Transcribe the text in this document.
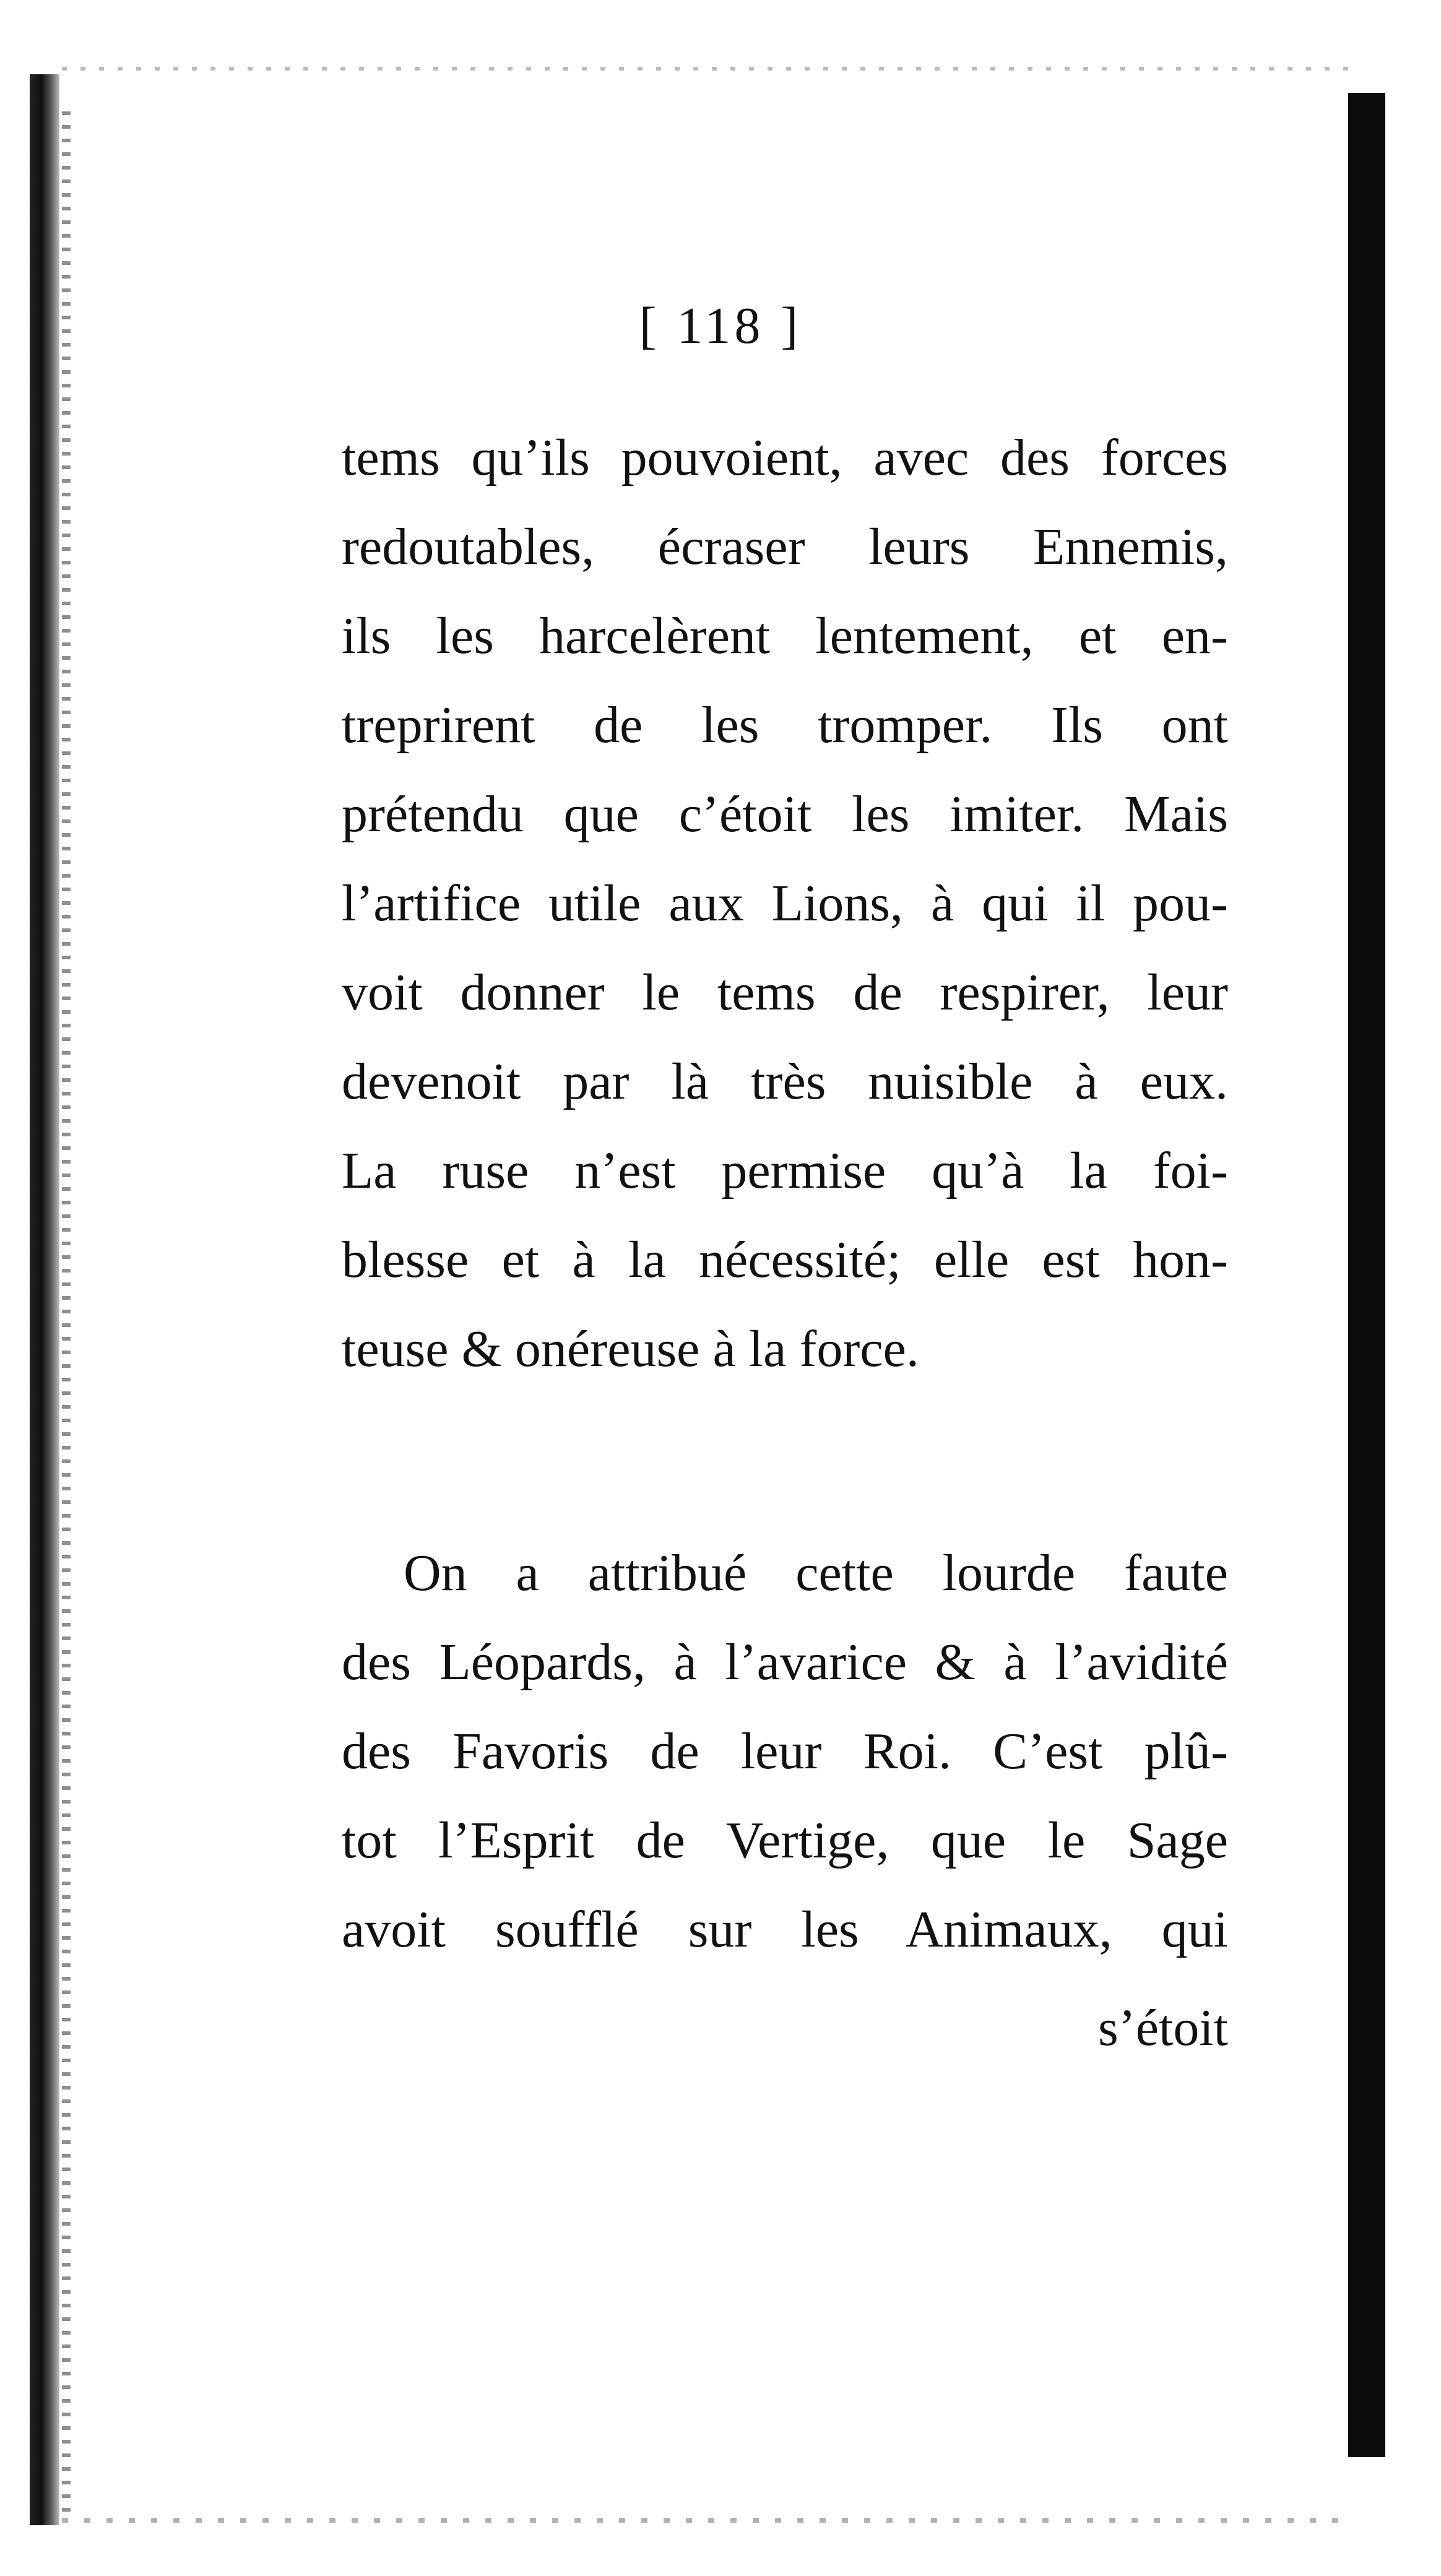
[ 118 ]
tems qu’ils pouvoient, avec des forces
redoutables, écraser leurs Ennemis,
ils les harcelèrent lentement, et en-
treprirent de les tromper. Ils ont
prétendu que c’étoit les imiter. Mais
l’artifice utile aux Lions, à qui il pou-
voit donner le tems de respirer, leur
devenoit par là très nuisible à eux.
La ruse n’est permise qu’à la foi-
blesse et à la nécessité; elle est hon-
teuse & onéreuse à la force.
On a attribué cette lourde faute
des Léopards, à l’avarice & à l’avidité
des Favoris de leur Roi. C’est plû-
tot l’Esprit de Vertige, que le Sage
avoit soufflé sur les Animaux, qui
s’étoit
